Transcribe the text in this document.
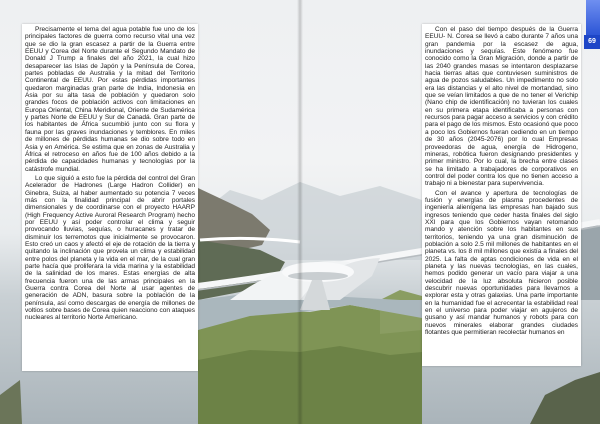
Precisamente el tema del agua potable fue uno de los principales factores de guerra como recurso vital una vez que se dio la gran escasez a partir de la Guerra entre EEUU y Corea del Norte durante el Segundo Mandato de Donald J Trump a finales del año 2021, la cual hizo desaparecer las Islas de Japón y la Península de Corea, partes pobladas de Australia y la mitad del Territorio Continental de EEUU. Por estas pérdidas importantes quedaron marginadas gran parte de India, Indonesia en Asia por su alta tasa de población y quedaron solo grandes focos de población activos con limitaciones en Europa Oriental, China Meridional, Oriente de Sudamérica y partes Norte de EEUU y Sur de Canadá. Gran parte de los habitantes de África sucumbió junto con su flora y fauna por las graves inundaciones y temblores. En miles de millones de pérdidas humanas se dio sobre todo en Asia y en América. Se estima que en zonas de Australia y África el retroceso en años fue de 100 años debido a la pérdida de capacidades humanas y tecnologías por la catástrofe mundial.

Lo que siguió a esto fue la pérdida del control del Gran Acelerador de Hadrones (Large Hadron Collider) en Ginebra, Suiza, al haber aumentado su potencia 7 veces más con la finalidad principal de abrir portales dimensionales y de coordinarse con el proyecto HAARP (High Frequency Active Auroral Research Program) hecho por EEUU y así poder controlar el clima y seguir provocando lluvias, sequías, o huracanes y tratar de disminuir los terremotos que inicialmente se provocaron. Esto creó un caos y afectó el eje de rotación de la tierra y quitando la inclinación que provela un clima y estabilidad entre polos del planeta y la vida en el mar, de la cual gran parte hacía que proliferara la vida marina y la estabilidad de la salinidad de los mares. Estas energías de alta frecuencia fueron una de las armas principales en la Guerra contra Corea del Norte al usar agentes de generación de ADN, basura sobre la población de la península, así como descargas de energía de millones de voltios sobre bases de Corea quien reacciono con ataques nucleares al territorio Norte Americano.

Con el paso del tiempo después de la Guerra EEUU- N. Corea se llevó a cabo durante 7 años una gran pandemia por la escasez de agua, inundaciones y sequías. Este fenómeno fue conocido como la Gran Migración, donde a partir de las 2040 grandes masas se intentaron desplazarse hacia tierras altas que contuviesen suministros de agua de pozos saludables. Un impedimento no solo era las distancias y el alto nivel de mortandad, sino que se veían limitados a que de no tener el Verichip (Nano chip de identificación) no tuvieran los cuales en su primera etapa identificaba a personas con recursos para pagar acceso a servicios y con crédito para el pago de los mismos. Esto ocasionó que poco a poco los Gobiernos fueran cediendo en un tiempo de 30 años (2045-2076) por lo cual Empresas proveedoras de agua, energía de Hidrogeno, mineras, robótica fueron designando presidentes y primer ministro. Por lo cual, la brecha entre clases se ha limitado a trabajadores de corporativos en control del poder contra los que no tienen acceso a trabajo ni a bienestar para supervivencia.

Con el avance y apertura de tecnologías de fusión y energías de plasma procedentes de ingeniería alienígena las empresas han bajado sus ingresos teniendo que ceder hasta finales del siglo XXI para que los Gobiernos vayan retomando mando y atención sobre los habitantes en sus territorios, teniendo ya una gran disminución de población a solo 2.5 mil millones de habitantes en el planeta vs. los 8 mil millones que existía a finales del 2025. La falta de aptas condiciones de vida en el planeta y las nuevas tecnologías, en las cuales, hemos podido generar un vacío para viajar a una velocidad de la luz absoluta hicieron posible descubrir nuevas oportunidades para llevarnos a explorar esta y otras galaxias. Una parte importante en la humanidad fue el acrecentar la estabilidad real en el universo para poder viajar en agujeros de gusano y así mandar humanos y robots para con nuevos minerales elaborar grandes ciudades flotantes que permitieran recolectar humanos en

69
